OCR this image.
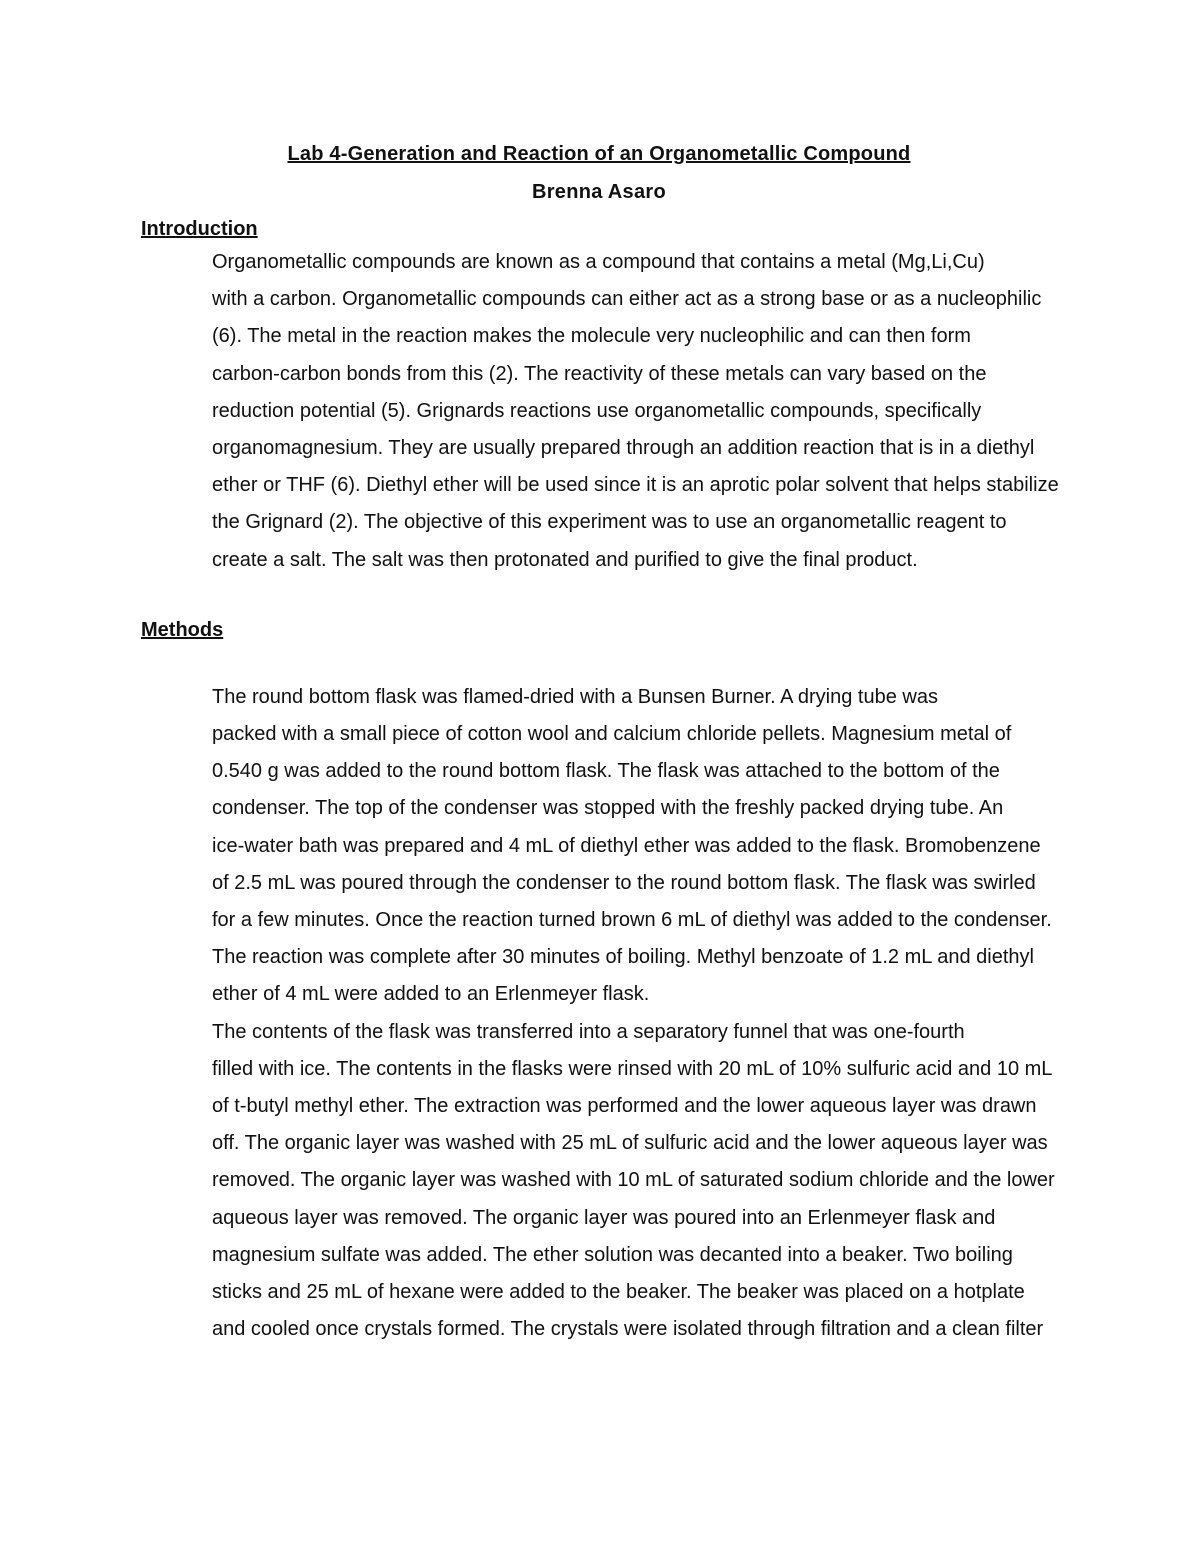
Lab 4-Generation and Reaction of an Organometallic Compound

Brenna Asaro

Introduction

Organometallic compounds are known as a compound that contains a metal (Mg,Li,Cu)
with a carbon. Organometallic compounds can either act as a strong base or as a nucleophilic
(6). The metal in the reaction makes the molecule very nucleophilic and can then form
carbon-carbon bonds from this (2). The reactivity of these metals can vary based on the
reduction potential (5). Grignards reactions use organometallic compounds, specifically
organomagnesium. They are usually prepared through an addition reaction that is in a diethyl
ether or THF (6). Diethyl ether will be used since it is an aprotic polar solvent that helps stabilize
the Grignard (2). The objective of this experiment was to use an organometallic reagent to
create a salt. The salt was then protonated and purified to give the final product.

Methods

The round bottom flask was flamed-dried with a Bunsen Burner. A drying tube was
packed with a small piece of cotton wool and calcium chloride pellets. Magnesium metal of
0.540 g was added to the round bottom flask. The flask was attached to the bottom of the
condenser. The top of the condenser was stopped with the freshly packed drying tube. An
ice-water bath was prepared and 4 mL of diethyl ether was added to the flask. Bromobenzene
of 2.5 mL was poured through the condenser to the round bottom flask. The flask was swirled
for a few minutes. Once the reaction turned brown 6 mL of diethyl was added to the condenser.
The reaction was complete after 30 minutes of boiling. Methyl benzoate of 1.2 mL and diethyl
ether of 4 mL were added to an Erlenmeyer flask.

The contents of the flask was transferred into a separatory funnel that was one-fourth
filled with ice. The contents in the flasks were rinsed with 20 mL of 10% sulfuric acid and 10 mL
of t-butyl methyl ether. The extraction was performed and the lower aqueous layer was drawn
off. The organic layer was washed with 25 mL of sulfuric acid and the lower aqueous layer was
removed. The organic layer was washed with 10 mL of saturated sodium chloride and the lower
aqueous layer was removed. The organic layer was poured into an Erlenmeyer flask and
magnesium sulfate was added. The ether solution was decanted into a beaker. Two boiling
sticks and 25 mL of hexane were added to the beaker. The beaker was placed on a hotplate
and cooled once crystals formed. The crystals were isolated through filtration and a clean filter
